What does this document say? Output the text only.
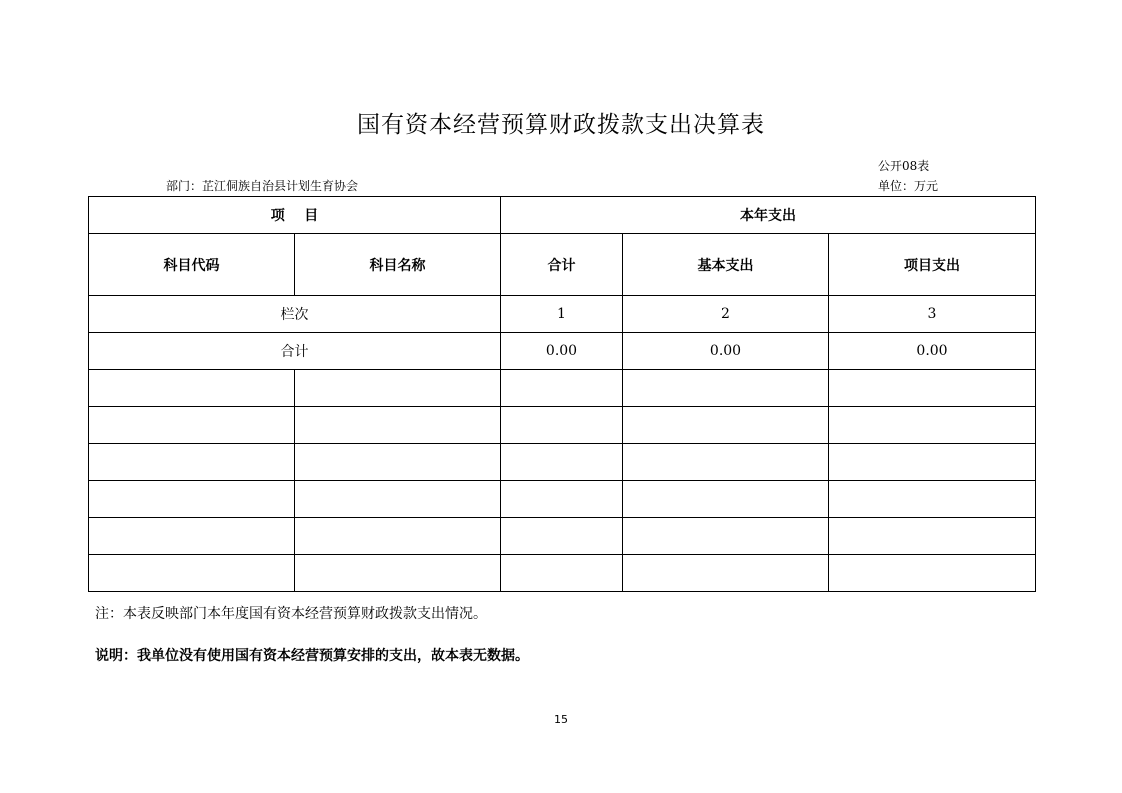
国有资本经营预算财政拨款支出决算表
公开08表
部门：芷江侗族自治县计划生育协会	单位：万元
项    目		本年支出		
科目代码	科目名称	合计	基本支出	项目支出
栏次		1	2	3
合计		0.00	0.00	0.00

注：本表反映部门本年度国有资本经营预算财政拨款支出情况。
说明：我单位没有使用国有资本经营预算安排的支出，故本表无数据。
15
